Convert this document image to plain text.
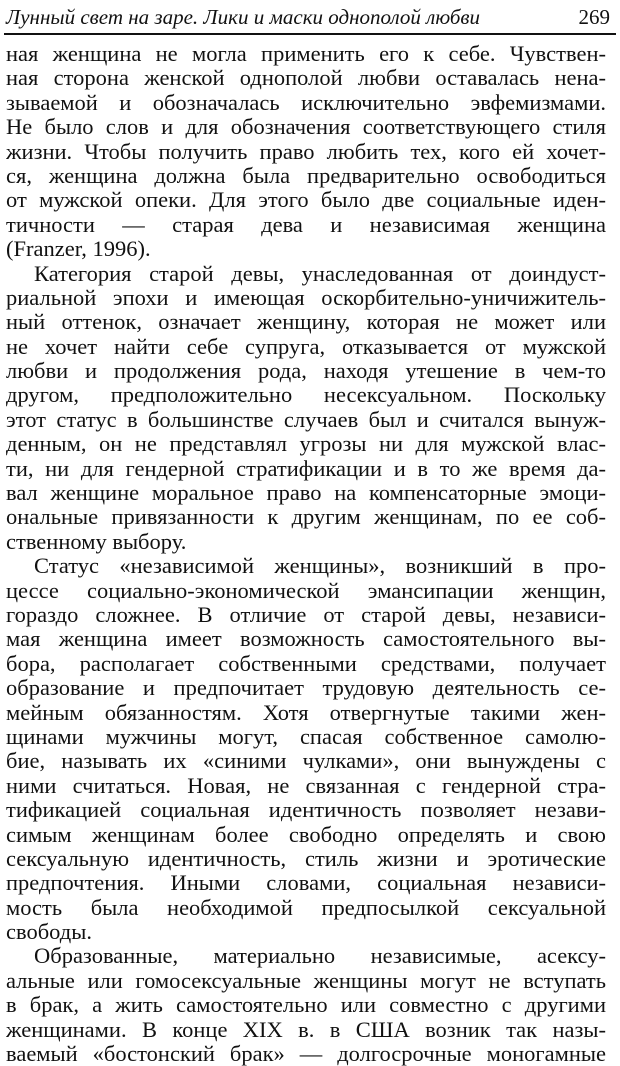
Лунный свет на заре. Лики и маски однополой любви	269
ная женщина не могла применить его к себе. Чувствен-
ная сторона женской однополой любви оставалась нена-
зываемой и обозначалась исключительно эвфемизмами.
Не было слов и для обозначения соответствующего стиля
жизни. Чтобы получить право любить тех, кого ей хочет-
ся, женщина должна была предварительно освободиться
от мужской опеки. Для этого было две социальные иден-
тичности — старая дева и независимая женщина
(Franzer, 1996).
Категория старой девы, унаследованная от доиндуст-
риальной эпохи и имеющая оскорбительно-уничижитель-
ный оттенок, означает женщину, которая не может или
не хочет найти себе супруга, отказывается от мужской
любви и продолжения рода, находя утешение в чем-то
другом, предположительно несексуальном. Поскольку
этот статус в большинстве случаев был и считался вынуж-
денным, он не представлял угрозы ни для мужской влас-
ти, ни для гендерной стратификации и в то же время да-
вал женщине моральное право на компенсаторные эмоци-
ональные привязанности к другим женщинам, по ее соб-
ственному выбору.
Статус «независимой женщины», возникший в про-
цессе социально-экономической эмансипации женщин,
гораздо сложнее. В отличие от старой девы, независи-
мая женщина имеет возможность самостоятельного вы-
бора, располагает собственными средствами, получает
образование и предпочитает трудовую деятельность се-
мейным обязанностям. Хотя отвергнутые такими жен-
щинами мужчины могут, спасая собственное самолю-
бие, называть их «синими чулками», они вынуждены с
ними считаться. Новая, не связанная с гендерной стра-
тификацией социальная идентичность позволяет незави-
симым женщинам более свободно определять и свою
сексуальную идентичность, стиль жизни и эротические
предпочтения. Иными словами, социальная независи-
мость была необходимой предпосылкой сексуальной
свободы.
Образованные, материально независимые, асексу-
альные или гомосексуальные женщины могут не вступать
в брак, а жить самостоятельно или совместно с другими
женщинами. В конце XIX в. в США возник так назы-
ваемый «бостонский брак» — долгосрочные моногамные
